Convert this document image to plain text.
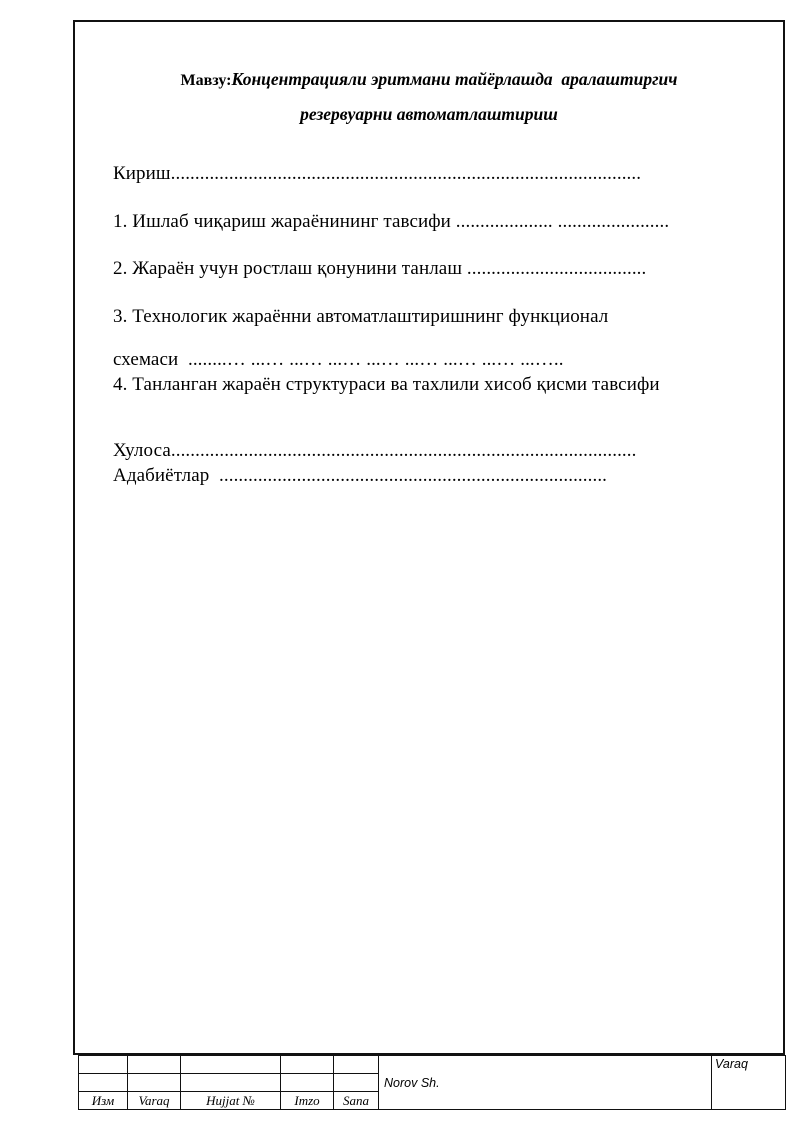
Мавзу:Концентрацияли эритмани тайёрлашда  аралаштиргич
резервуарни автоматлаштириш
Кириш.................................................................................................
1. Ишлаб чиқариш жараёнининг тавсифи .................... .......................
2. Жараён учун ростлаш қонунини танлаш .....................................
3. Технологик жараённи автоматлаштиришнинг функционал
схемаси  ........… ...… ...… ...… ...… ...… ...… ...… ...…..
4. Танланган жараён структураси ва тахлили хисоб қисми тавсифи
Хулоса................................................................................................
Адабиётлар  ................................................................................
					Norov Sh.	Varaq

Изм	Varaq	Hujjat №	Imzo	Sana		
